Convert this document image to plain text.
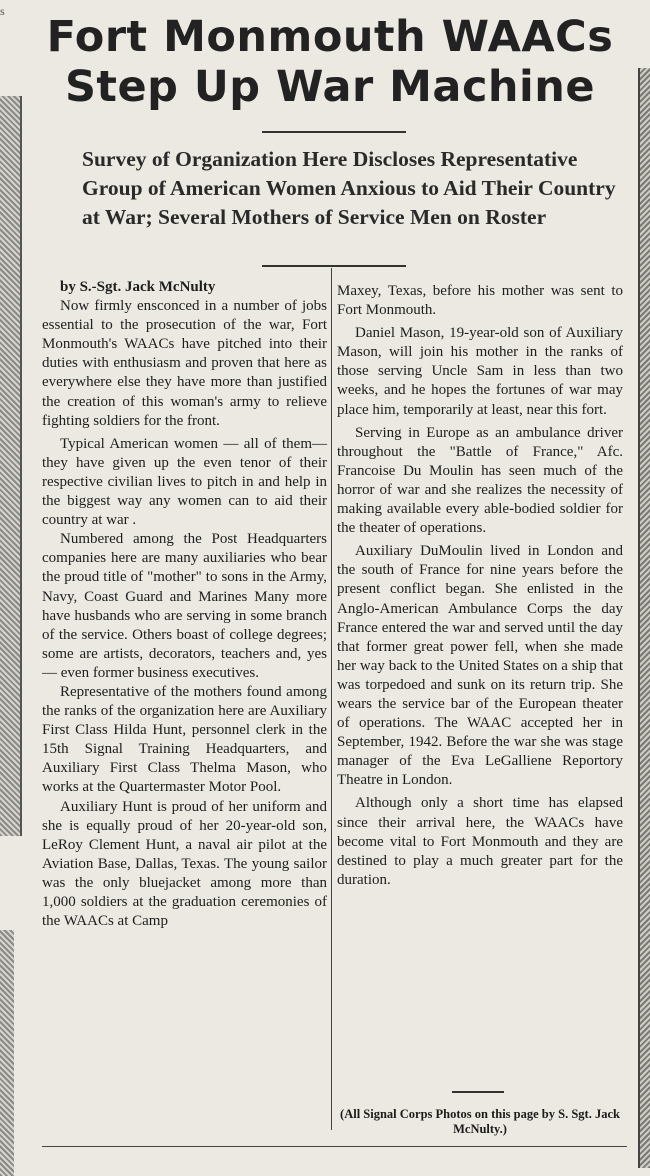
s
Fort Monmouth WAACs
Step Up War Machine
Survey of Organization Here Discloses Representative Group of American Women Anxious to Aid Their Country at War; Several Mothers of Service Men on Roster

by S.-Sgt. Jack McNulty

Now firmly ensconced in a number of jobs essential to the prosecution of the war, Fort Monmouth's WAACs have pitched into their duties with enthusiasm and proven that here as everywhere else they have more than justified the creation of this woman's army to relieve fighting soldiers for the front.

Typical American women — all of them—they have given up the even tenor of their respective civilian lives to pitch in and help in the biggest way any women can to aid their country at war .

Numbered among the Post Headquarters companies here are many auxiliaries who bear the proud title of "mother" to sons in the Army, Navy, Coast Guard and Marines Many more have husbands who are serving in some branch of the service. Others boast of college degrees; some are artists, decorators, teachers and, yes — even former business executives.

Representative of the mothers found among the ranks of the organization here are Auxiliary First Class Hilda Hunt, personnel clerk in the 15th Signal Training Headquarters, and Auxiliary First Class Thelma Mason, who works at the Quartermaster Motor Pool.

Auxiliary Hunt is proud of her uniform and she is equally proud of her 20-year-old son, LeRoy Clement Hunt, a naval air pilot at the Aviation Base, Dallas, Texas. The young sailor was the only bluejacket among more than 1,000 soldiers at the graduation ceremonies of the WAACs at Camp

Maxey, Texas, before his mother was sent to Fort Monmouth.

Daniel Mason, 19-year-old son of Auxiliary Mason, will join his mother in the ranks of those serving Uncle Sam in less than two weeks, and he hopes the fortunes of war may place him, temporarily at least, near this fort.

Serving in Europe as an ambulance driver throughout the "Battle of France," Afc. Francoise Du Moulin has seen much of the horror of war and she realizes the necessity of making available every able-bodied soldier for the theater of operations.

Auxiliary DuMoulin lived in London and the south of France for nine years before the present conflict began. She enlisted in the Anglo-American Ambulance Corps the day France entered the war and served until the day that former great power fell, when she made her way back to the United States on a ship that was torpedoed and sunk on its return trip. She wears the service bar of the European theater of operations. The WAAC accepted her in September, 1942. Before the war she was stage manager of the Eva LeGalliene Reportory Theatre in London.

Although only a short time has elapsed since their arrival here, the WAACs have become vital to Fort Monmouth and they are destined to play a much greater part for the duration.

(All Signal Corps Photos on this page by S. Sgt. Jack McNulty.)
